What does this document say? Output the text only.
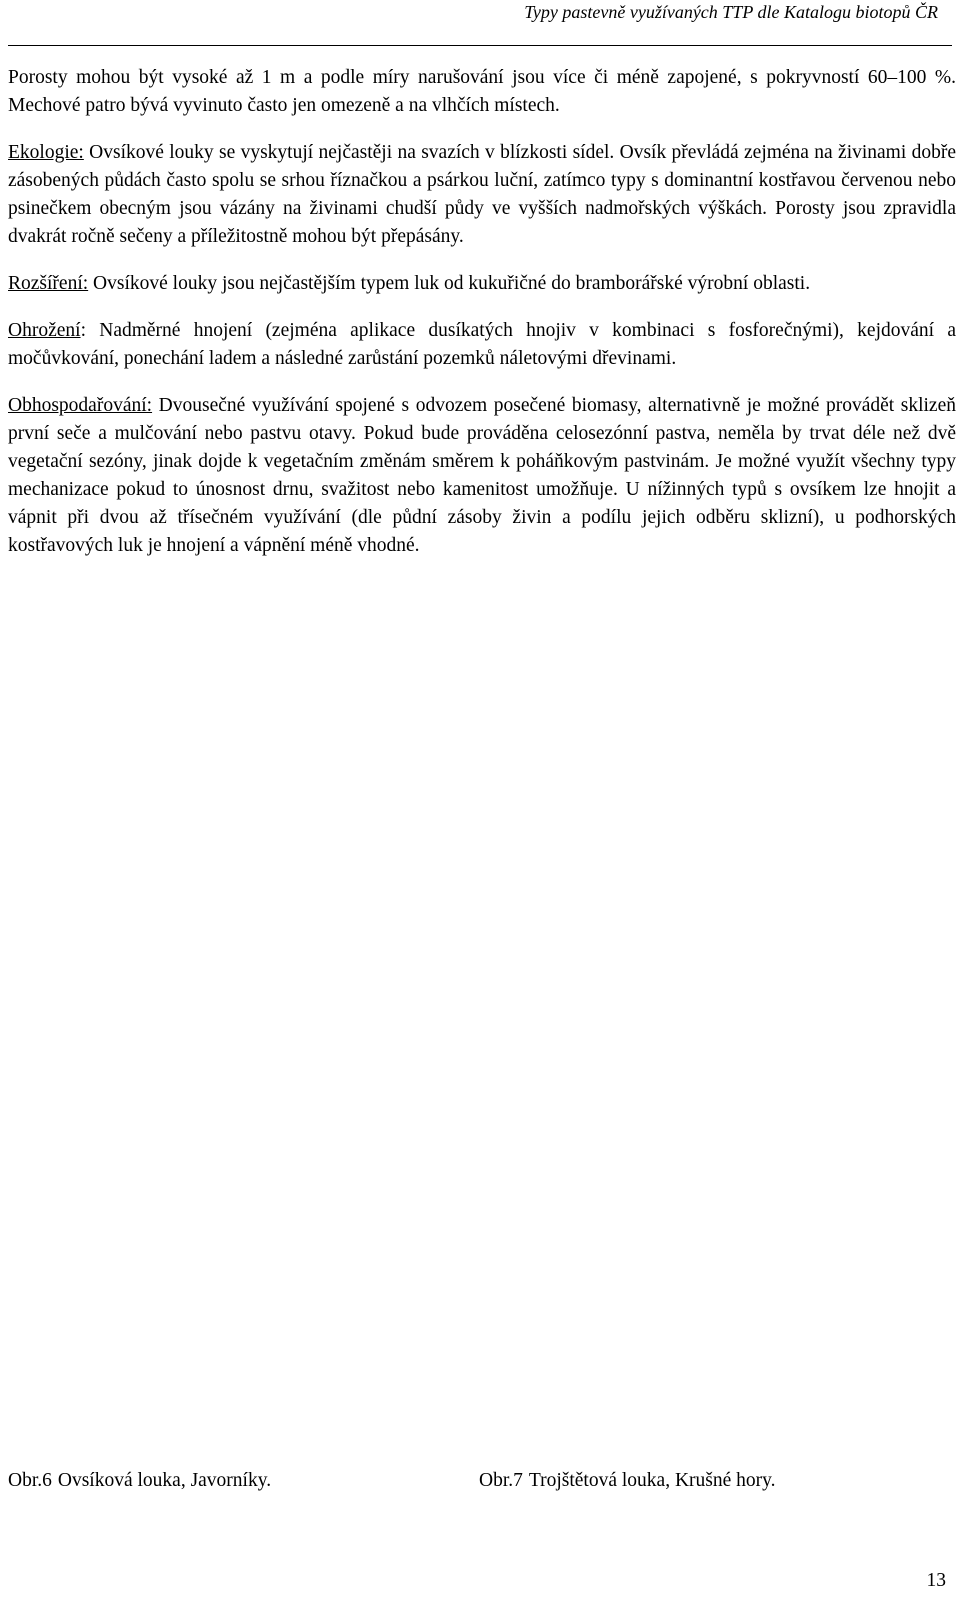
Typy pastevně využívaných TTP dle Katalogu biotopů ČR

Porosty mohou být vysoké až 1 m a podle míry narušování jsou více či méně zapojené, s pokryvností 60–100 %. Mechové patro bývá vyvinuto často jen omezeně a na vlhčích místech.

Ekologie: Ovsíkové louky se vyskytují nejčastěji na svazích v blízkosti sídel. Ovsík převládá zejména na živinami dobře zásobených půdách často spolu se srhou říznačkou a psárkou luční, zatímco typy s dominantní kostřavou červenou nebo psinečkem obecným jsou vázány na živinami chudší půdy ve vyšších nadmořských výškách. Porosty jsou zpravidla dvakrát ročně sečeny a příležitostně mohou být přepásány.

Rozšíření: Ovsíkové louky jsou nejčastějším typem luk od kukuřičné do bramborářské výrobní oblasti.

Ohrožení: Nadměrné hnojení (zejména aplikace dusíkatých hnojiv v kombinaci s fosforečnými), kejdování a močůvkování, ponechání ladem a následné zarůstání pozemků náletovými dřevinami.

Obhospodařování: Dvousečné využívání spojené s odvozem posečené biomasy, alternativně je možné provádět sklizeň první seče a mulčování nebo pastvu otavy. Pokud bude prováděna celosezónní pastva, neměla by trvat déle než dvě vegetační sezóny, jinak dojde k vegetačním změnám směrem k poháňkovým pastvinám. Je možné využít všechny typy mechanizace pokud to únosnost drnu, svažitost nebo kamenitost umožňuje. U nížinných typů s ovsíkem lze hnojit a vápnit při dvou až třísečném využívání (dle půdní zásoby živin a podílu jejich odběru sklizní), u podhorských kostřavových luk je hnojení a vápnění méně vhodné.

Obr.6 Ovsíková louka, Javorníky.	Obr.7 Trojštětová louka, Krušné hory.
13
